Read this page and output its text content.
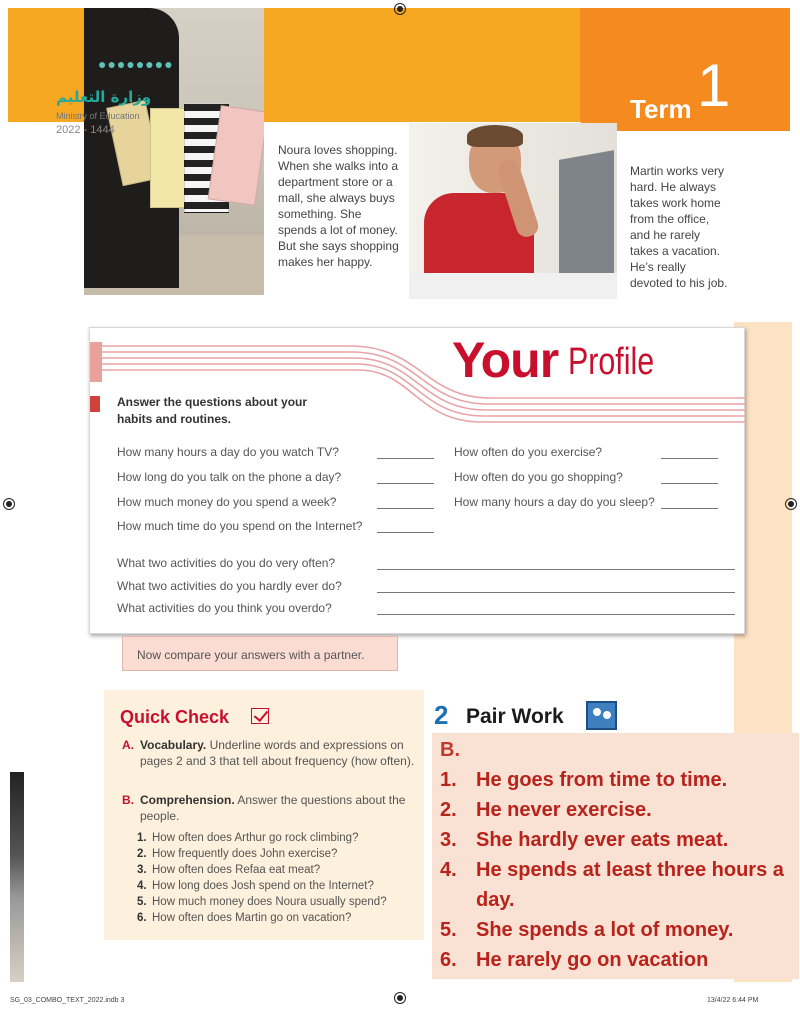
●●●●●●●●
وزارة التعليم
Ministry of Education
2022 - 1444
Term 1
Noura loves shopping. When she walks into a department store or a mall, she always buys something. She spends a lot of money. But she says shopping makes her happy.
Martin works very hard. He always takes work home from the office, and he rarely takes a vacation. He’s really devoted to his job.
Your Profile
Answer the questions about your habits and routines.
How many hours a day do you watch TV?
How long do you talk on the phone a day?
How much money do you spend a week?
How much time do you spend on the Internet?
How often do you exercise?
How often do you go shopping?
How many hours a day do you sleep?
What two activities do you do very often?
What two activities do you hardly ever do?
What activities do you think you overdo?
Now compare your answers with a partner.
Quick Check
A. Vocabulary. Underline words and expressions on pages 2 and 3 that tell about frequency (how often).
B. Comprehension. Answer the questions about the people.
1. How often does Arthur go rock climbing?
2. How frequently does John exercise?
3. How often does Refaa eat meat?
4. How long does Josh spend on the Internet?
5. How much money does Noura usually spend?
6. How often does Martin go on vacation?
2 Pair Work
B.
1. He goes from time to time.
2. He never exercise.
3. She hardly ever eats meat.
4. He spends at least three hours a day.
5. She spends a lot of money.
6. He rarely go on vacation
SG_03_COMBO_TEXT_2022.indb 3	13/4/22 6:44 PM
